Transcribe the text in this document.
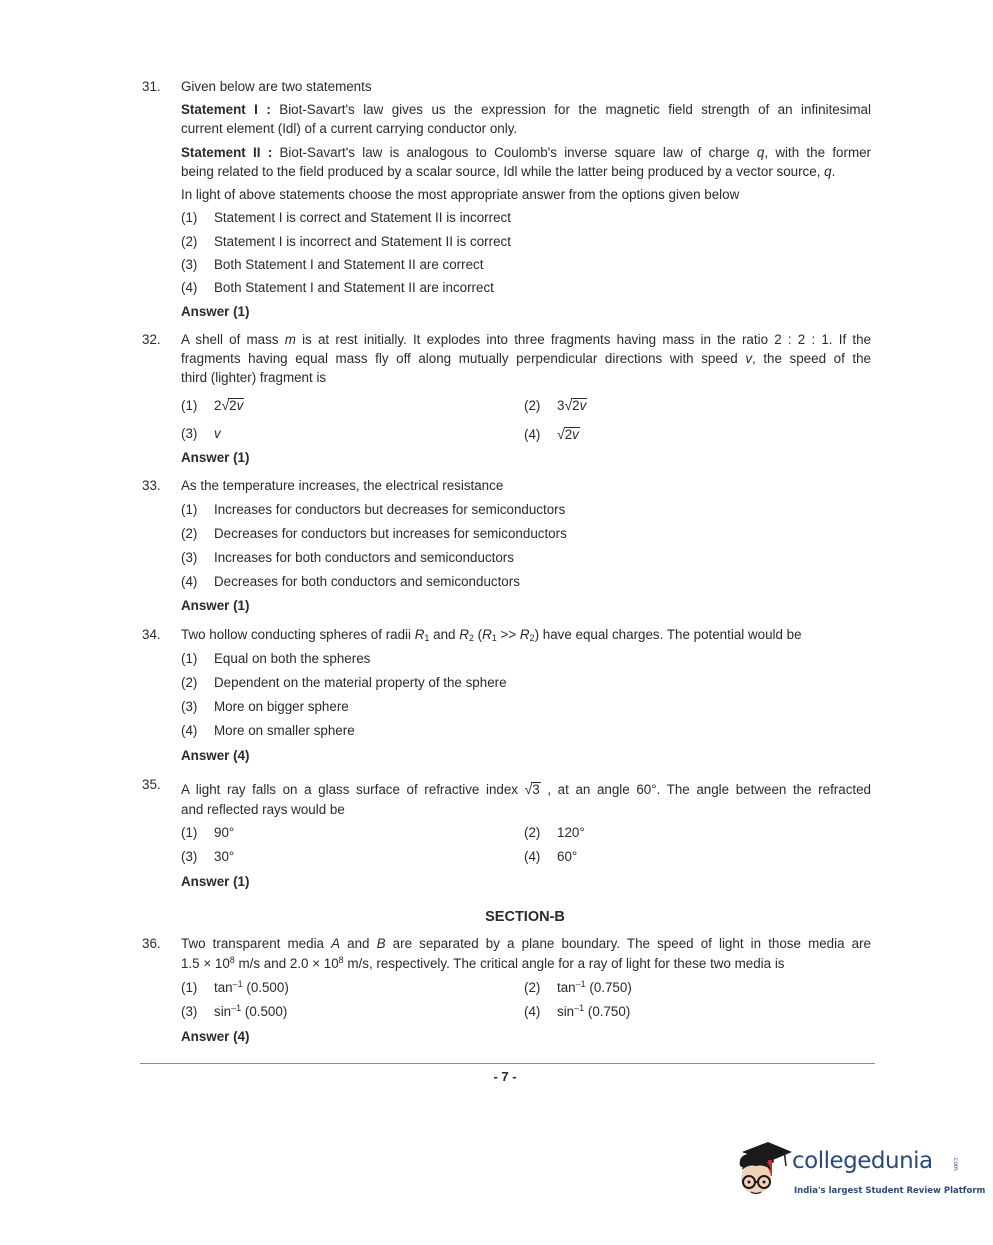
31. Given below are two statements
Statement I : Biot-Savart's law gives us the expression for the magnetic field strength of an infinitesimal
current element (Idl) of a current carrying conductor only.
Statement II : Biot-Savart's law is analogous to Coulomb's inverse square law of charge q, with the former
being related to the field produced by a scalar source, Idl while the latter being produced by a vector source, q.
In light of above statements choose the most appropriate answer from the options given below
(1) Statement I is correct and Statement II is incorrect
(2) Statement I is incorrect and Statement II is correct
(3) Both Statement I and Statement II are correct
(4) Both Statement I and Statement II are incorrect
Answer (1)
32. A shell of mass m is at rest initially. It explodes into three fragments having mass in the ratio 2 : 2 : 1. If the
fragments having equal mass fly off along mutually perpendicular directions with speed v, the speed of the
third (lighter) fragment is
(1) 2√2v	(2) 3√2v
(3) v	(4) √2v
Answer (1)
33. As the temperature increases, the electrical resistance
(1) Increases for conductors but decreases for semiconductors
(2) Decreases for conductors but increases for semiconductors
(3) Increases for both conductors and semiconductors
(4) Decreases for both conductors and semiconductors
Answer (1)
34. Two hollow conducting spheres of radii $R_1$ and $R_2$ $(R_1 >> R_2)$ have equal charges. The potential would be
(1) Equal on both the spheres
(2) Dependent on the material property of the sphere
(3) More on bigger sphere
(4) More on smaller sphere
Answer (4)
35. A light ray falls on a glass surface of refractive index √3 , at an angle 60°. The angle between the refracted
and reflected rays would be
(1) 90°	(2) 120°
(3) 30°	(4) 60°
Answer (1)
SECTION-B
36. Two transparent media A and B are separated by a plane boundary. The speed of light in those media are
$1.5 \times 10^8$ m/s and $2.0 \times 10^8$ m/s, respectively. The critical angle for a ray of light for these two media is
(1) $\tan^{-1} (0.500)$	(2) $\tan^{-1} (0.750)$
(3) $\sin^{-1} (0.500)$	(4) $\sin^{-1} (0.750)$
Answer (4)
- 7 -
collegedunia	.com
India's largest Student Review Platform
